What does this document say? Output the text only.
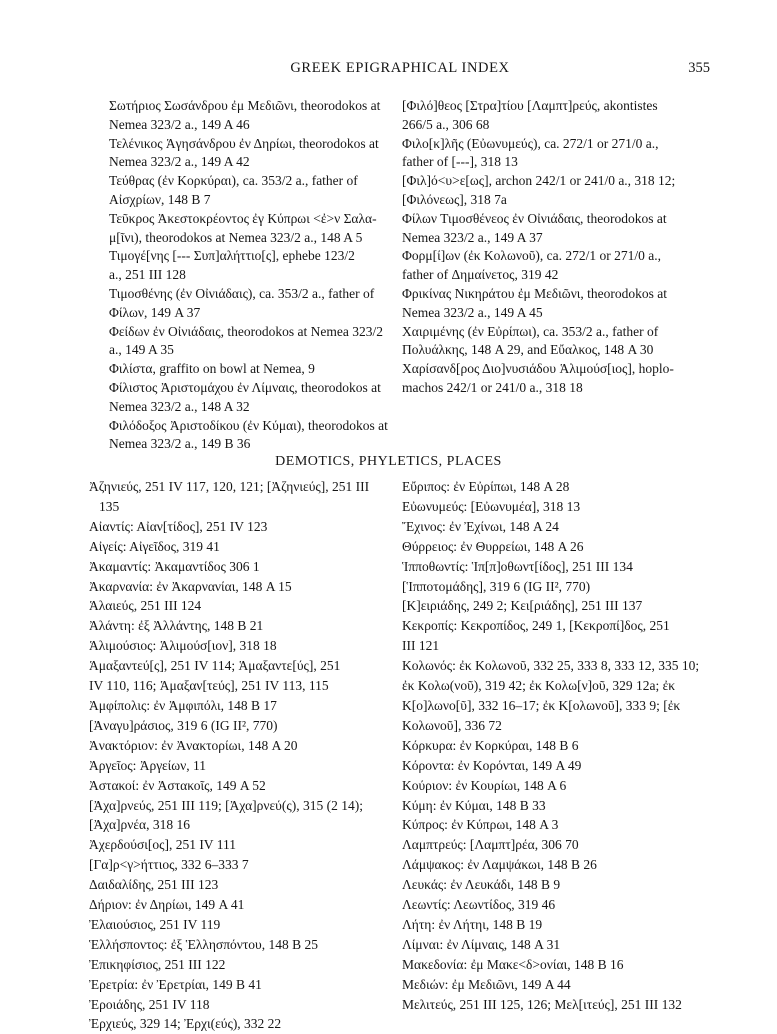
GREEK EPIGRAPHICAL INDEX	355

Σωτήριος Σωσάνδρου ἐμ Μεδιῶνι, theorodokos at
Nemea 323/2 a., 149 A 46

Τελένικος Ἁγησάνδρου ἐν Δηρίωι, theorodokos at
Nemea 323/2 a., 149 A 42

Τεύθρας (ἐν Κορκύραι), ca. 353/2 a., father of
Αἰσχρίων, 148 B 7

Τεῦκρος Ἀκεστοκρέοντος ἐγ Κύπρωι <ἐ>ν Σαλα-
μ[ῖνι), theorodokos at Nemea 323/2 a., 148 A 5

Τιμογέ[νης [--- Συπ]αλήττιο[ς], ephebe 123/2
a., 251 III 128

Τιμοσθένης (ἐν Οἰνιάδαις), ca. 353/2 a., father of
Φίλων, 149 A 37

Φείδων ἐν Οἰνιάδαις, theorodokos at Nemea 323/2
a., 149 A 35

Φιλίστα, graffito on bowl at Nemea, 9

Φίλιστος Ἀριστομάχου ἐν Λίμναις, theorodokos at
Nemea 323/2 a., 148 A 32

Φιλόδοξος Ἀριστοδίκου (ἐν Κύμαι), theorodokos at
Nemea 323/2 a., 149 B 36

[Φιλό]θεος [Στρα]τίου [Λαμπτ]ρεύς, akontistes
266/5 a., 306 68

Φιλο[κ]λῆς (Εὐωνυμεύς), ca. 272/1 or 271/0 a.,
father of [---], 318 13

[Φιλ]ό<υ>ε[ως], archon 242/1 or 241/0 a., 318 12;
[Φιλόνεως], 318 7a

Φίλων Τιμοσθένεος ἐν Οἰνιάδαις, theorodokos at
Nemea 323/2 a., 149 A 37

Φορμ[ί]ων (ἐκ Κολωνοῦ), ca. 272/1 or 271/0 a.,
father of Δημαίνετος, 319 42

Φρικίνας Νικηράτου ἐμ Μεδιῶνι, theorodokos at
Nemea 323/2 a., 149 A 45

Χαιριμένης (ἐν Εὐρίπωι), ca. 353/2 a., father of
Πολυάλκης, 148 A 29, and Εὔαλκος, 148 A 30

Χαρίσανδ[ρος Διο]νυσιάδου Ἁλιμούσ[ιος], hoplo-
machos 242/1 or 241/0 a., 318 18

DEMOTICS, PHYLETICS, PLACES

Ἀζηνιεύς, 251 IV 117, 120, 121; [Ἀζηνιεύς], 251 III 135

Αἰαντίς: Αἰαν[τίδος], 251 IV 123

Αἰγείς: Αἰγεῖδος, 319 41

Ἀκαμαντίς: Ἀκαμαντίδος 306 1

Ἀκαρνανία: ἐν Ἀκαρνανίαι, 148 A 15

Ἁλαιεύς, 251 III 124

Ἀλάντη: ἐξ Ἀλλάντης, 148 B 21

Ἁλιμούσιος: Ἁλιμούσ[ιον], 318 18

Ἁμαξαντεύ[ς], 251 IV 114; Ἁμαξαντε[ύς], 251
IV 110, 116; Ἁμαξαν[τεύς], 251 IV 113, 115

Ἀμφίπολις: ἐν Ἀμφιπόλι, 148 B 17

[Ἀναγυ]ράσιος, 319 6 (IG II², 770)

Ἀνακτόριον: ἐν Ἀνακτορίωι, 148 A 20

Ἀργεῖος: Ἀργείων, 11

Ἀστακοί: ἐν Ἀστακοῖς, 149 A 52

[Ἀχα]ρνεύς, 251 III 119; [Ἀχα]ρνεύ(ς), 315 (2 14);
[Ἀχα]ρνέα, 318 16

Ἀχερδούσι[ος], 251 IV 111

[Γα]ρ<γ>ήττιος, 332 6–333 7

Δαιδαλίδης, 251 III 123

Δήριον: ἐν Δηρίωι, 149 A 41

Ἐλαιούσιος, 251 IV 119

Ἑλλήσποντος: ἐξ Ἑλλησπόντου, 148 B 25

Ἐπικηφίσιος, 251 III 122

Ἐρετρία: ἐν Ἐρετρίαι, 149 B 41

Ἐροιάδης, 251 IV 118

Ἐρχιεύς, 329 14; Ἐρχι(εύς), 332 22

Εὔριπος: ἐν Εὐρίπωι, 148 A 28

Εὐωνυμεύς: [Εὐωνυμέα], 318 13

Ἔχινος: ἐν Ἐχίνωι, 148 A 24

Θύρρειος: ἐν Θυρρείωι, 148 A 26

Ἱπποθωντίς: Ἱπ[π]οθωντ[ίδος], 251 III 134

[Ἱπποτομάδης], 319 6 (IG II², 770)

[Κ]ειριάδης, 249 2; Κει[ριάδης], 251 III 137

Κεκροπίς: Κεκροπίδος, 249 1, [Κεκροπί]δος, 251
III 121

Κολωνός: ἐκ Κολωνοῦ, 332 25, 333 8, 333 12, 335 10;
ἐκ Κολω(νοῦ), 319 42; ἐκ Κολω[ν]οῦ, 329 12a; ἐκ
Κ[ο]λωνο[ῦ], 332 16–17; ἐκ Κ[ολωνοῦ], 333 9; [ἐκ
Κολωνοῦ], 336 72

Κόρκυρα: ἐν Κορκύραι, 148 B 6

Κόροντα: ἐν Κορόνται, 149 A 49

Κούριον: ἐν Κουρίωι, 148 A 6

Κύμη: ἐν Κύμαι, 148 B 33

Κύπρος: ἐν Κύπρωι, 148 A 3

Λαμπτρεύς: [Λαμπτ]ρέα, 306 70

Λάμψακος: ἐν Λαμψάκωι, 148 B 26

Λευκάς: ἐν Λευκάδι, 148 B 9

Λεωντίς: Λεωντίδος, 319 46

Λήτη: ἐν Λήτηι, 148 B 19

Λίμναι: ἐν Λίμναις, 148 A 31

Μακεδονία: ἐμ Μακε<δ>ονίαι, 148 B 16

Μεδιών: ἐμ Μεδιῶνι, 149 A 44

Μελιτεύς, 251 III 125, 126; Μελ[ιτεύς], 251 III 132
